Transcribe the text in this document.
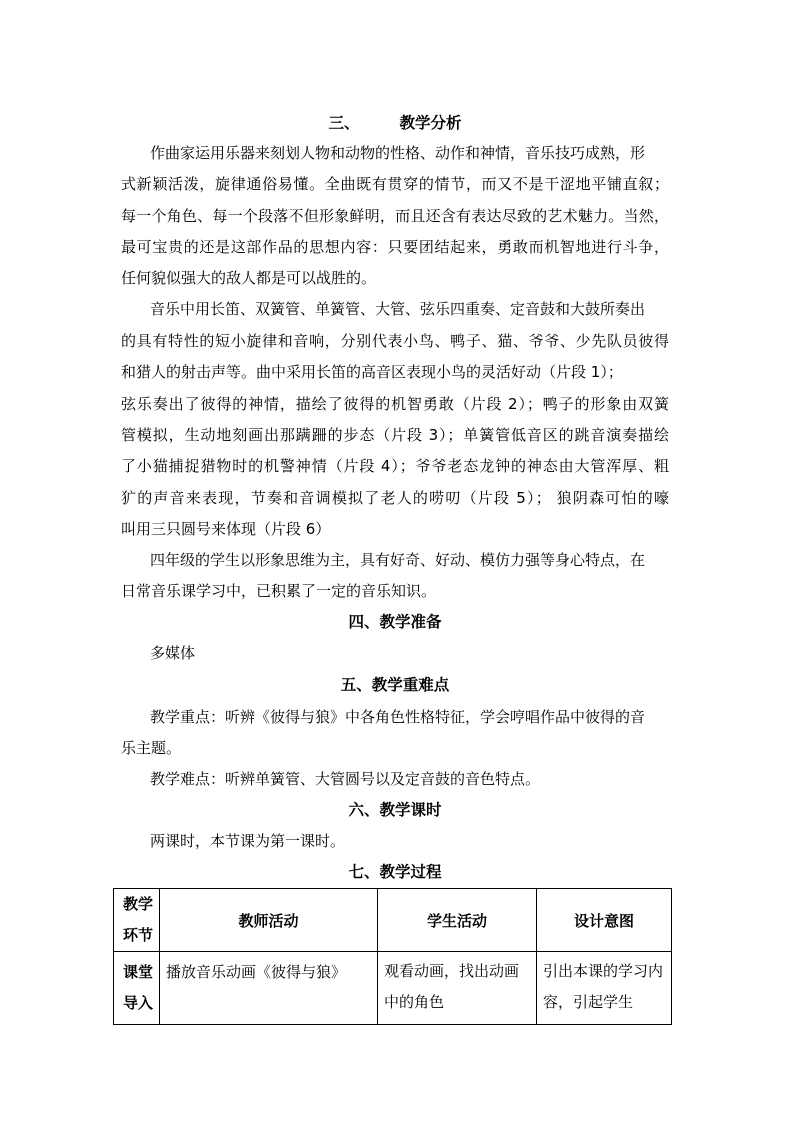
三、	教学分析
作曲家运用乐器来刻划人物和动物的性格、动作和神情，音乐技巧成熟，形
式新颖活泼，旋律通俗易懂。全曲既有贯穿的情节，而又不是干涩地平铺直叙；
每一个角色、每一个段落不但形象鲜明，而且还含有表达尽致的艺术魅力。当然，
最可宝贵的还是这部作品的思想内容：只要团结起来，勇敢而机智地进行斗争，
任何貌似强大的敌人都是可以战胜的。
音乐中用长笛、双簧管、单簧管、大管、弦乐四重奏、定音鼓和大鼓所奏出
的具有特性的短小旋律和音响，分别代表小鸟、鸭子、猫、爷爷、少先队员彼得
和猎人的射击声等。曲中采用长笛的高音区表现小鸟的灵活好动（片段 1）；
弦乐奏出了彼得的神情，描绘了彼得的机智勇敢（片段 2）；鸭子的形象由双簧
管模拟，生动地刻画出那蹒跚的步态（片段 3）；单簧管低音区的跳音演奏描绘
了小猫捕捉猎物时的机警神情（片段 4）；爷爷老态龙钟的神态由大管浑厚、粗
犷的声音来表现，节奏和音调模拟了老人的唠叨（片段 5）； 狼阴森可怕的嚎
叫用三只圆号来体现（片段 6）
四年级的学生以形象思维为主，具有好奇、好动、模仿力强等身心特点，在
日常音乐课学习中，已积累了一定的音乐知识。
四、教学准备
多媒体
五、教学重难点
教学重点：听辨《彼得与狼》中各角色性格特征，学会哼唱作品中彼得的音
乐主题。
教学难点：听辨单簧管、大管圆号以及定音鼓的音色特点。
六、教学课时
两课时，本节课为第一课时。
七、教学过程
教学环节	教师活动	学生活动	设计意图
课堂导入	播放音乐动画《彼得与狼》	观看动画，找出动画中的角色	引出本课的学习内容，引起学生
